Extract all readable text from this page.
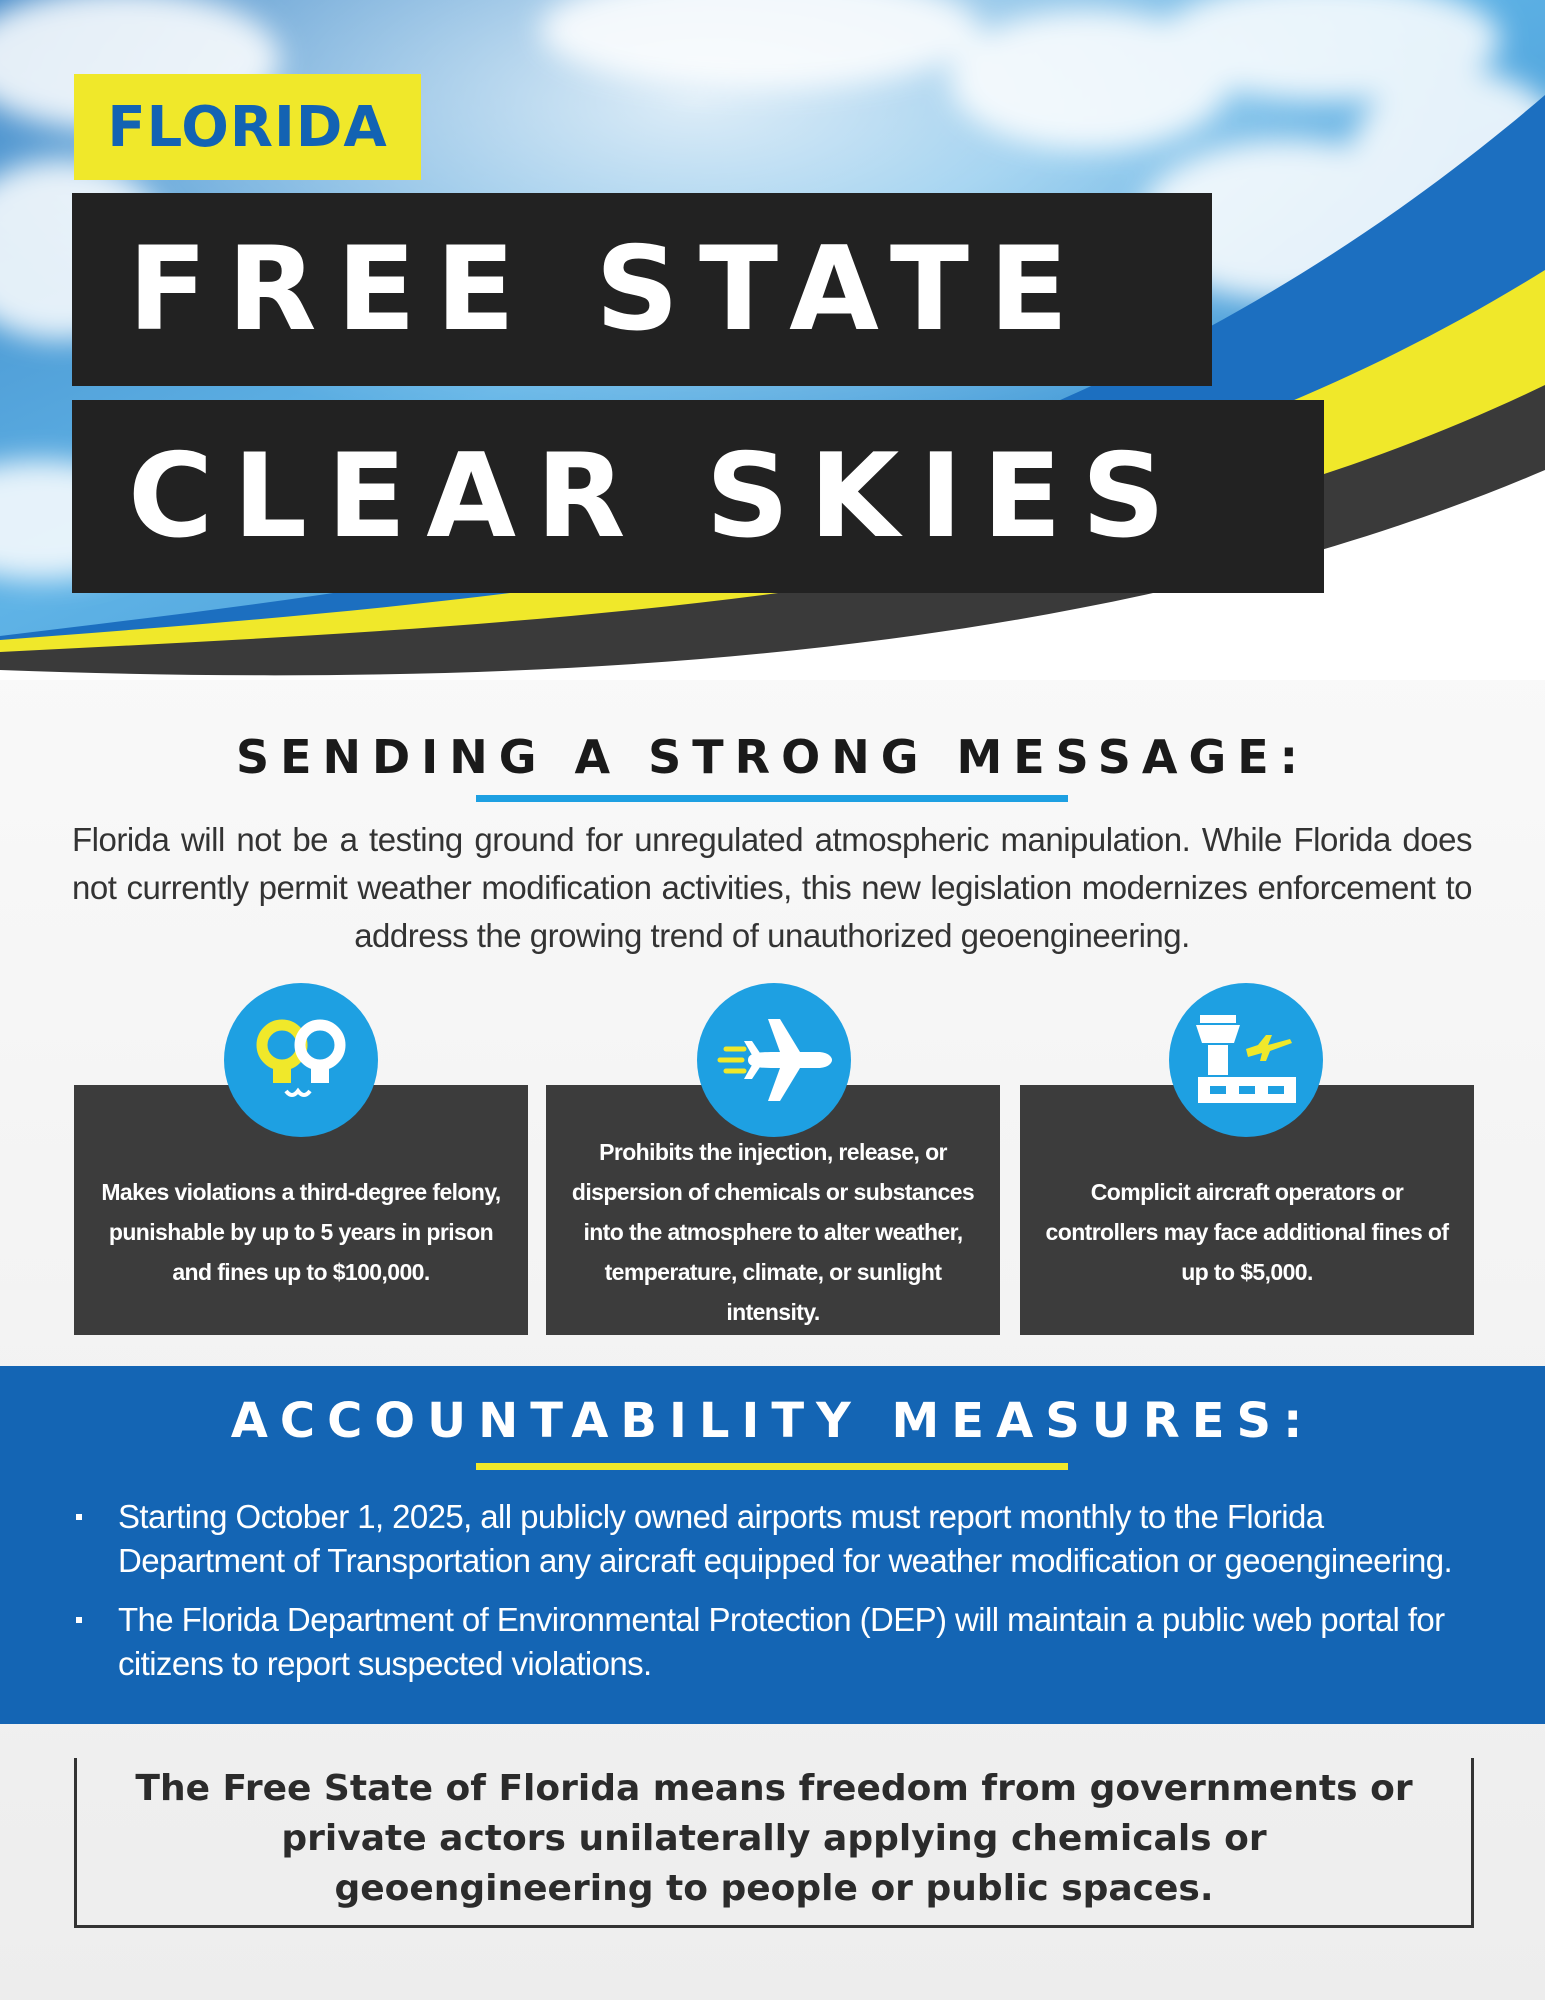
FLORIDA
FREE STATE
CLEAR SKIES
SENDING A STRONG MESSAGE:

Florida will not be a testing ground for unregulated atmospheric manipulation. While Florida does not currently permit weather modification activities, this new legislation modernizes enforcement to address the growing trend of unauthorized geoengineering.

Makes violations a third-degree felony, punishable by up to 5 years in prison and fines up to $100,000.
Prohibits the injection, release, or dispersion of chemicals or substances into the atmosphere to alter weather, temperature, climate, or sunlight intensity.
Complicit aircraft operators or controllers may face additional fines of up to $5,000.
ACCOUNTABILITY MEASURES:
Starting October 1, 2025, all publicly owned airports must report monthly to the Florida Department of Transportation any aircraft equipped for weather modification or geoengineering.
The Florida Department of Environmental Protection (DEP) will maintain a public web portal for citizens to report suspected violations.

The Free State of Florida means freedom from governments or private actors unilaterally applying chemicals or geoengineering to people or public spaces.
